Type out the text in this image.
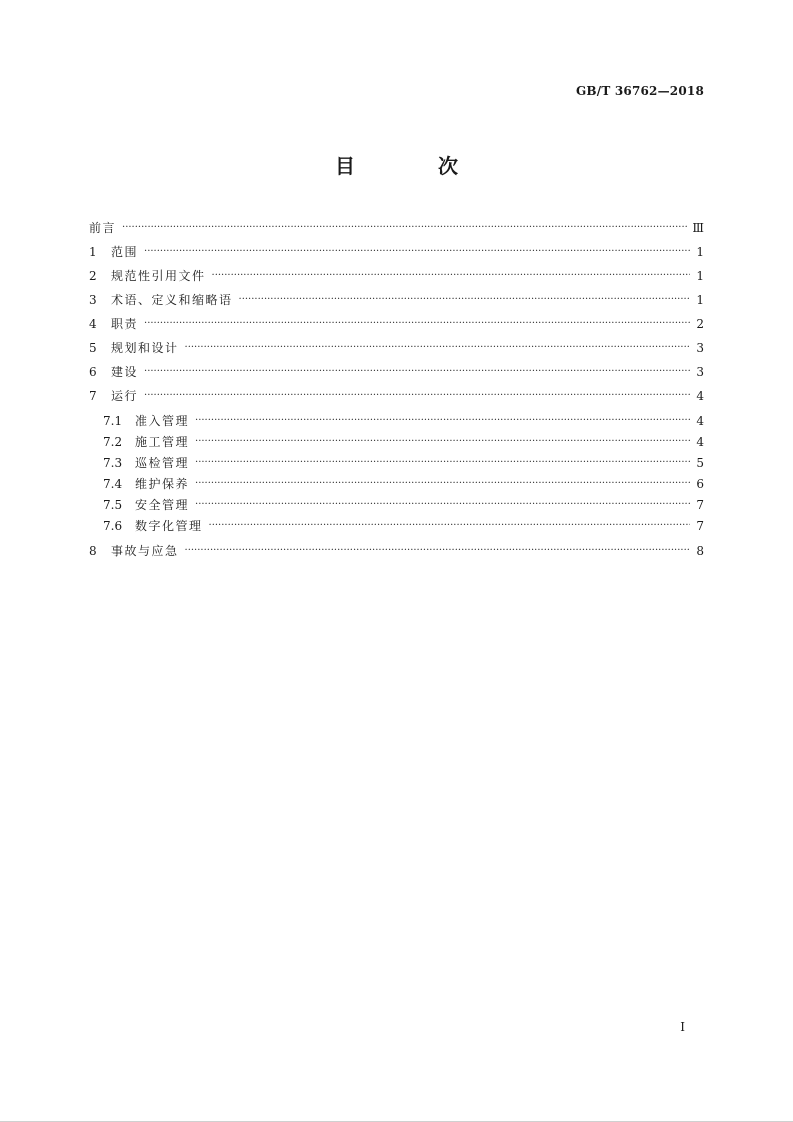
GB/T 36762—2018
目 次
前言 ·····	Ⅲ
1	范围 ·····	1
2	规范性引用文件 ·····	1
3	术语、定义和缩略语 ·····	1
4	职责 ·····	2
5	规划和设计 ·····	3
6	建设 ·····	3
7	运行 ·····	4
7.1	准入管理 ·····	4
7.2	施工管理 ·····	4
7.3	巡检管理 ·····	5
7.4	维护保养 ·····	6
7.5	安全管理 ·····	7
7.6	数字化管理 ·····	7
8	事故与应急 ·····	8
I
